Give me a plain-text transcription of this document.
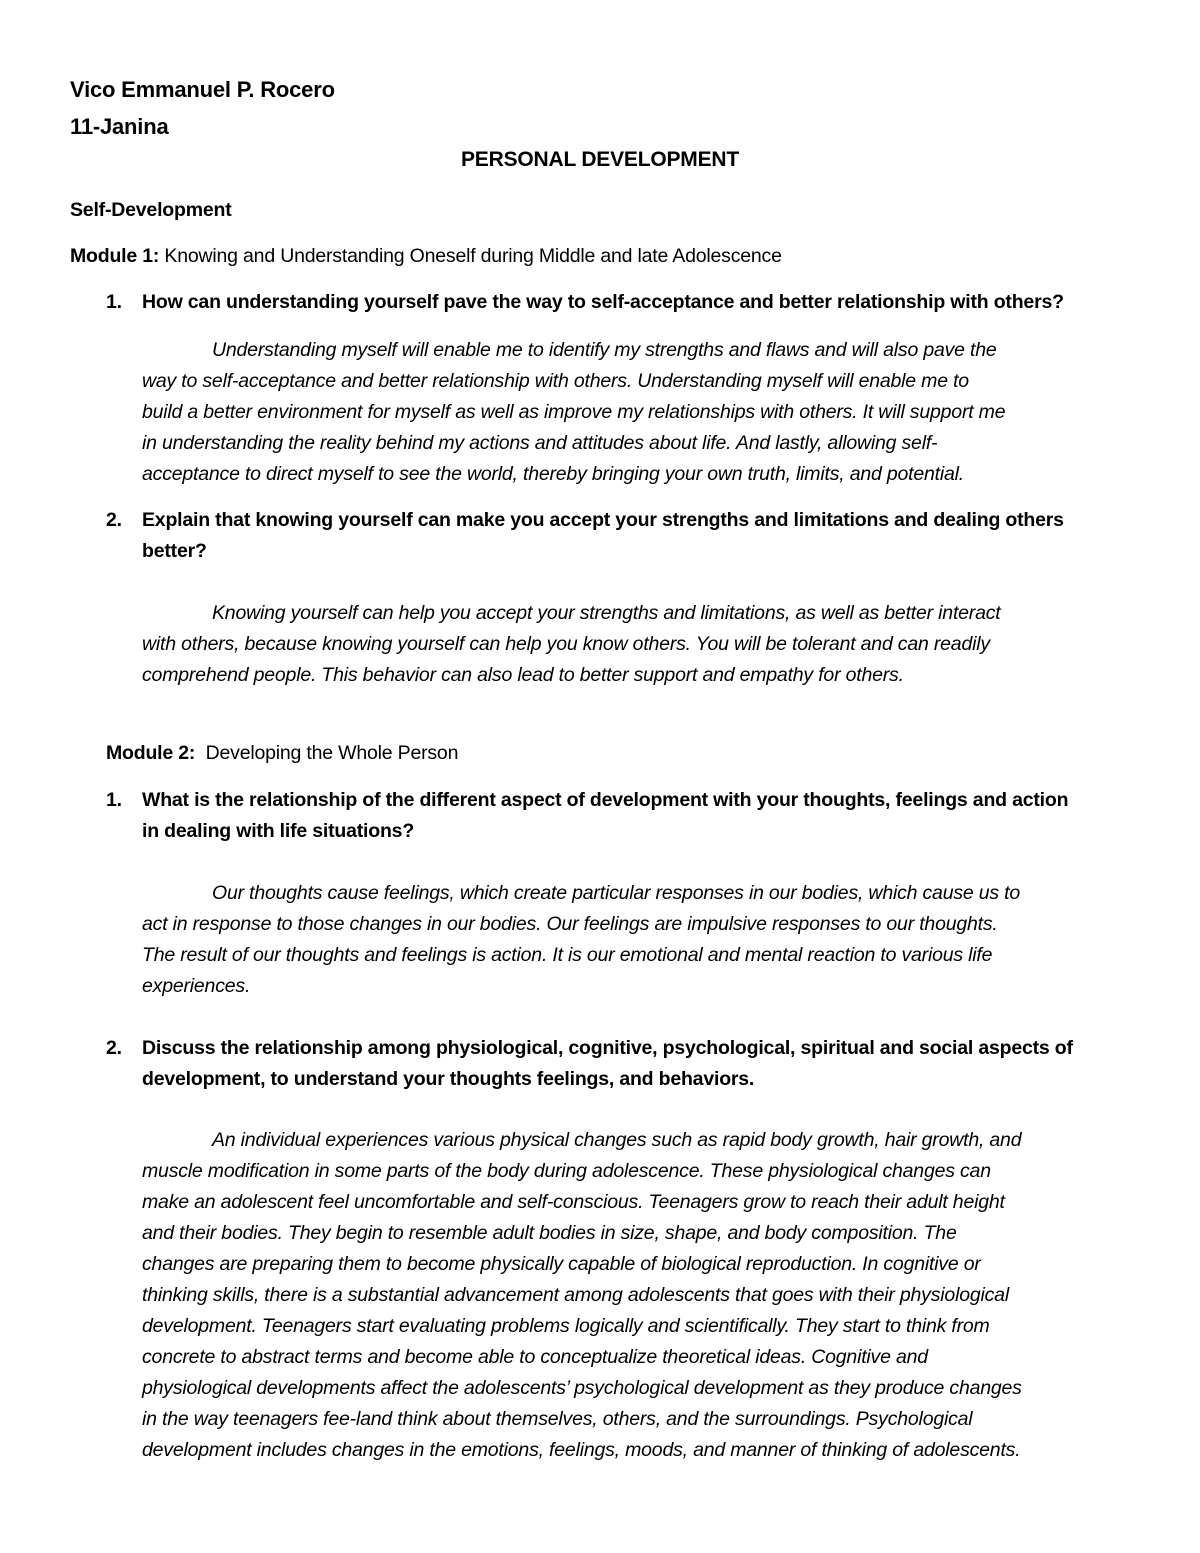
Vico Emmanuel P. Rocero

11-Janina

PERSONAL DEVELOPMENT

Self-Development

Module 1: Knowing and Understanding Oneself during Middle and late Adolescence

1. How can understanding yourself pave the way to self-acceptance and better relationship with others?

Understanding myself will enable me to identify my strengths and flaws and will also pave the
way to self-acceptance and better relationship with others. Understanding myself will enable me to
build a better environment for myself as well as improve my relationships with others. It will support me
in understanding the reality behind my actions and attitudes about life. And lastly, allowing self-
acceptance to direct myself to see the world, thereby bringing your own truth, limits, and potential.

2. Explain that knowing yourself can make you accept your strengths and limitations and dealing others

better?

Knowing yourself can help you accept your strengths and limitations, as well as better interact
with others, because knowing yourself can help you know others. You will be tolerant and can readily
comprehend people. This behavior can also lead to better support and empathy for others.

Module 2:  Developing the Whole Person

1. What is the relationship of the different aspect of development with your thoughts, feelings and action

in dealing with life situations?

Our thoughts cause feelings, which create particular responses in our bodies, which cause us to
act in response to those changes in our bodies. Our feelings are impulsive responses to our thoughts.
The result of our thoughts and feelings is action. It is our emotional and mental reaction to various life
experiences.

2. Discuss the relationship among physiological, cognitive, psychological, spiritual and social aspects of

development, to understand your thoughts feelings, and behaviors.

An individual experiences various physical changes such as rapid body growth, hair growth, and
muscle modification in some parts of the body during adolescence. These physiological changes can
make an adolescent feel uncomfortable and self-conscious. Teenagers grow to reach their adult height
and their bodies. They begin to resemble adult bodies in size, shape, and body composition. The
changes are preparing them to become physically capable of biological reproduction. In cognitive or
thinking skills, there is a substantial advancement among adolescents that goes with their physiological
development. Teenagers start evaluating problems logically and scientifically. They start to think from
concrete to abstract terms and become able to conceptualize theoretical ideas. Cognitive and
physiological developments affect the adolescents’ psychological development as they produce changes
in the way teenagers fee-land think about themselves, others, and the surroundings. Psychological
development includes changes in the emotions, feelings, moods, and manner of thinking of adolescents.
